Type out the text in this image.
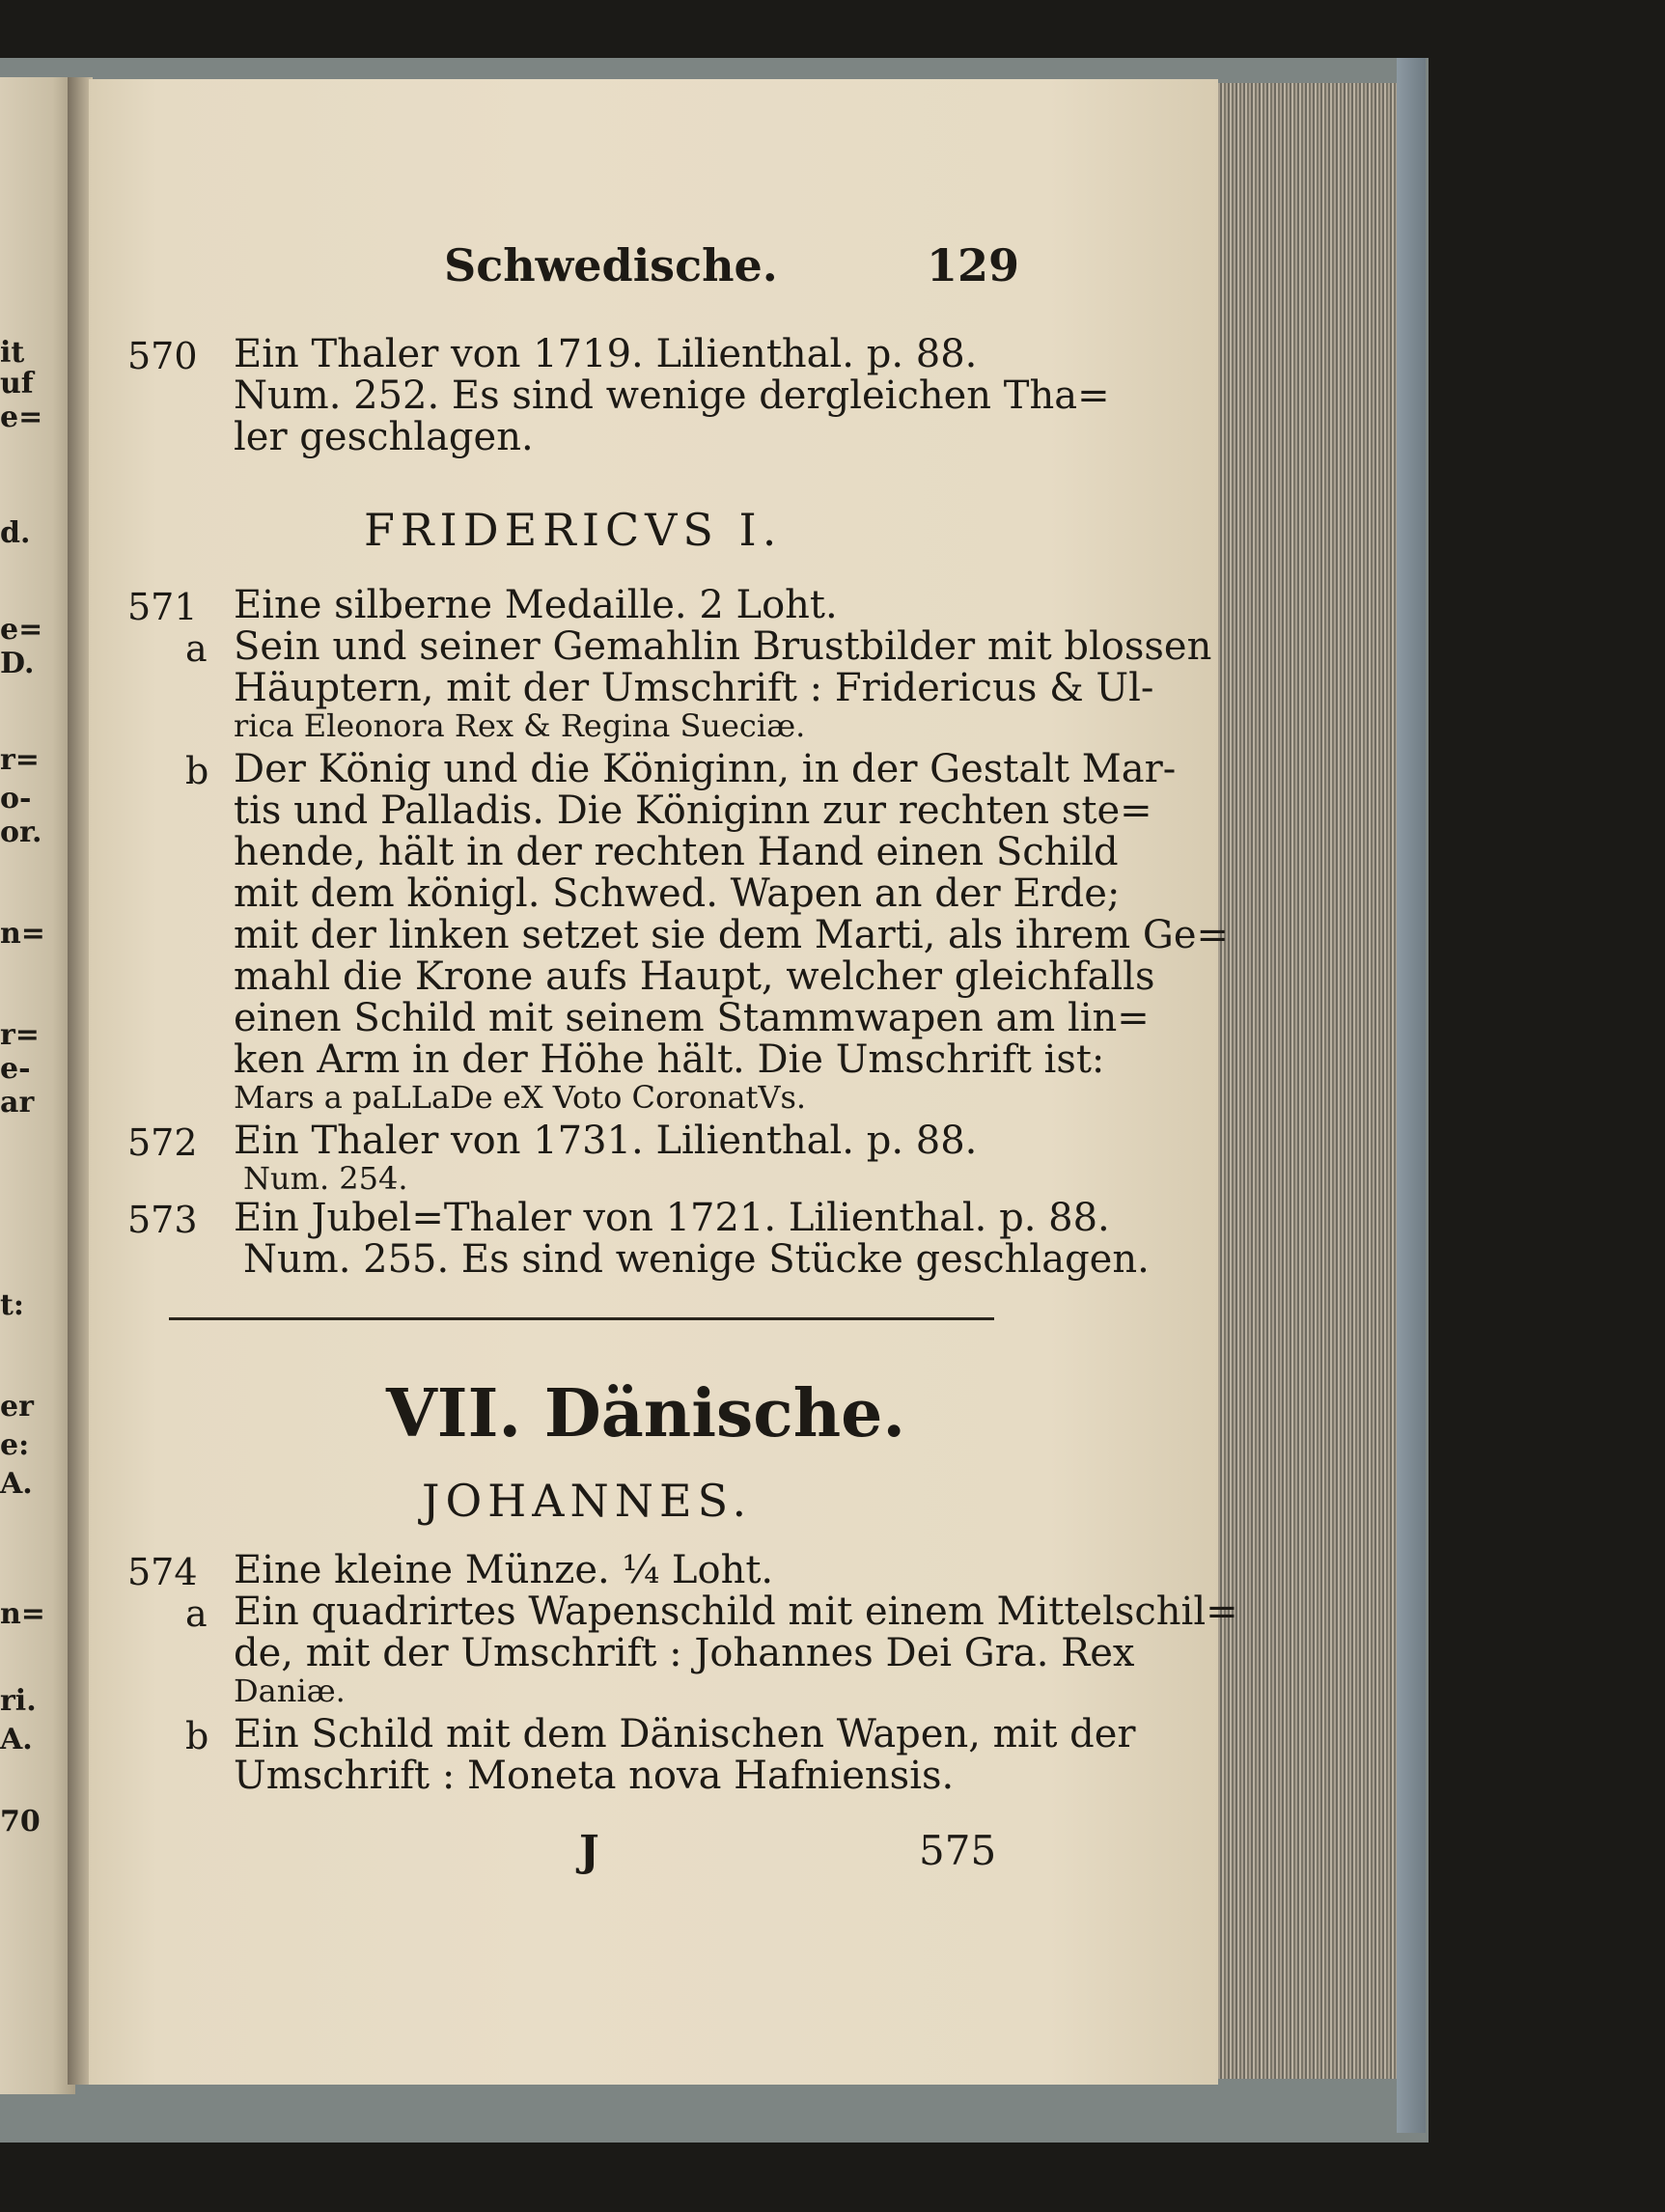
it
uf
e=
d.
e=
D.
r=
o-
or.
n=
r=
e-
ar
t:
er
e:
A.
n=
ri.
A.
70
Schwedische.	129
570 Ein Thaler von 1719. Lilienthal. p. 88.
Num. 252. Es sind wenige dergleichen Tha=
ler geschlagen.
FRIDERICVS I.
571 Eine silberne Medaille. 2 Loht.
a Sein und seiner Gemahlin Brustbilder mit blossen
Häuptern, mit der Umschrift : Fridericus & Ul-
rica Eleonora Rex & Regina Sueciæ.
b Der König und die Königinn, in der Gestalt Mar-
tis und Palladis. Die Königinn zur rechten ste=
hende, hält in der rechten Hand einen Schild
mit dem königl. Schwed. Wapen an der Erde;
mit der linken setzet sie dem Marti, als ihrem Ge=
mahl die Krone aufs Haupt, welcher gleichfalls
einen Schild mit seinem Stammwapen am lin=
ken Arm in der Höhe hält. Die Umschrift ist:
Mars a paLLaDe eX Voto CoronatVs.
572 Ein Thaler von 1731. Lilienthal. p. 88.
Num. 254.
573 Ein Jubel=Thaler von 1721. Lilienthal. p. 88.
Num. 255. Es sind wenige Stücke geschlagen.
VII. Dänische.
JOHANNES.
574 Eine kleine Münze. ¼ Loht.
a Ein quadrirtes Wapenschild mit einem Mittelschil=
de, mit der Umschrift : Johannes Dei Gra. Rex
Daniæ.
b Ein Schild mit dem Dänischen Wapen, mit der
Umschrift : Moneta nova Hafniensis.
J	575
